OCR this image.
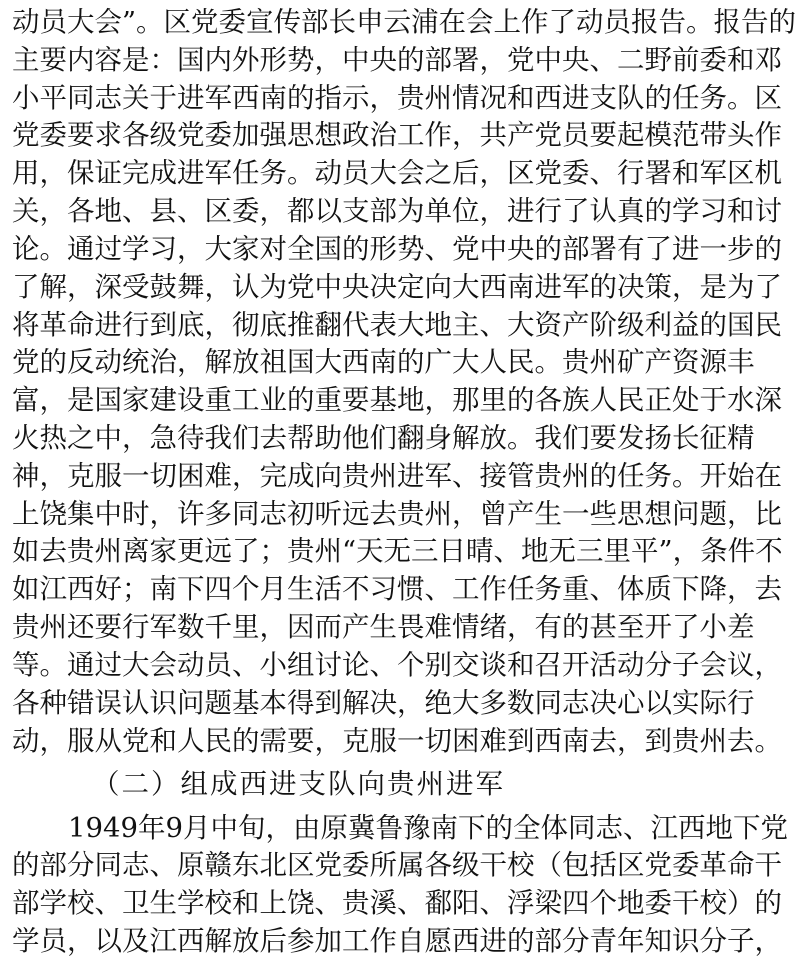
动员大会”。区党委宣传部长申云浦在会上作了动员报告。报告的
主要内容是：国内外形势，中央的部署，党中央、二野前委和邓
小平同志关于进军西南的指示，贵州情况和西进支队的任务。区
党委要求各级党委加强思想政治工作，共产党员要起模范带头作
用，保证完成进军任务。动员大会之后，区党委、行署和军区机
关，各地、县、区委，都以支部为单位，进行了认真的学习和讨
论。通过学习，大家对全国的形势、党中央的部署有了进一步的
了解，深受鼓舞，认为党中央决定向大西南进军的决策，是为了
将革命进行到底，彻底推翻代表大地主、大资产阶级利益的国民
党的反动统治，解放祖国大西南的广大人民。贵州矿产资源丰
富，是国家建设重工业的重要基地，那里的各族人民正处于水深
火热之中，急待我们去帮助他们翻身解放。我们要发扬长征精
神，克服一切困难，完成向贵州进军、接管贵州的任务。开始在
上饶集中时，许多同志初听远去贵州，曾产生一些思想问题，比
如去贵州离家更远了；贵州“天无三日晴、地无三里平”，条件不
如江西好；南下四个月生活不习惯、工作任务重、体质下降，去
贵州还要行军数千里，因而产生畏难情绪，有的甚至开了小差
等。通过大会动员、小组讨论、个别交谈和召开活动分子会议，
各种错误认识问题基本得到解决，绝大多数同志决心以实际行
动，服从党和人民的需要，克服一切困难到西南去，到贵州去。
（二）组成西进支队向贵州进军
1949年9月中旬，由原冀鲁豫南下的全体同志、江西地下党
的部分同志、原赣东北区党委所属各级干校（包括区党委革命干
部学校、卫生学校和上饶、贵溪、鄱阳、浮梁四个地委干校）的
学员，以及江西解放后参加工作自愿西进的部分青年知识分子，
